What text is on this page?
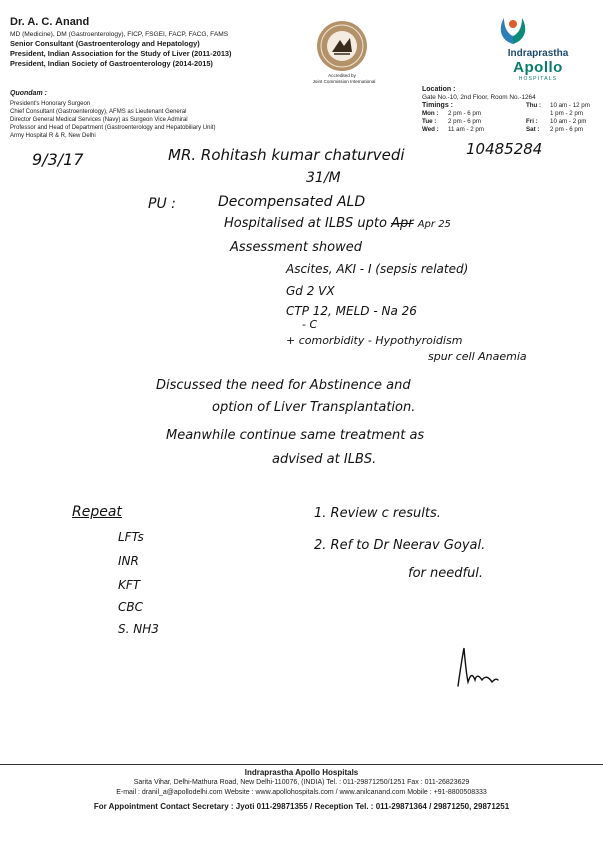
Dr. A. C. Anand
MD (Medicine), DM (Gastroenterology), FICP, FSGEI, FACP, FACG, FAMS
Senior Consultant (Gastroenterology and Hepatology)
President, Indian Association for the Study of Liver (2011-2013)
President, Indian Society of Gastroenterology (2014-2015)
Quondam :
President's Honorary Surgeon
Chief Consultant (Gastroenterology), AFMS as Lieutenant General
Director General Medical Services (Navy) as Surgeon Vice Admiral
Professor and Head of Department (Gastroenterology and Hepatobiliary Unit)
Army Hospital R & R, New Delhi
Accredited by
Joint Commission International
Indraprastha
Apollo
HOSPITALS
Location :
Gate No.-10, 2nd Floor, Room No.-1264
Timings :	Thu : 10 am - 12 pm
Mon : 2 pm - 6 pm	1 pm - 2 pm
Tue : 2 pm - 6 pm	Fri : 10 am - 2 pm
Wed : 11 am - 2 pm	Sat : 2 pm - 6 pm
9/3/17	MR. Rohitash kumar chaturvedi	10485284
31/M
PU :	Decompensated ALD
Hospitalised at ILBS upto Apr Apr 25
Assessment showed
Ascites, AKI - I (sepsis related)
Gd 2 VX
CTP 12, MELD - Na 26
- C
+ comorbidity - Hypothyroidism
spur cell Anaemia
Discussed the need for Abstinence and
option of Liver Transplantation.
Meanwhile continue same treatment as
advised at ILBS.
Repeat
LFTs
INR
KFT
CBC
S. NH3
1. Review c results.
2. Ref to Dr Neerav Goyal.
for needful.
Indraprastha Apollo Hospitals
Sarita Vihar, Delhi-Mathura Road, New Delhi-110076, (INDIA) Tel. : 011-29871250/1251 Fax : 011-26823629
E-mail : dranil_a@apollodelhi.com Website : www.apollohospitals.com / www.anilcanand.com Mobile : +91-8800508333
For Appointment Contact Secretary : Jyoti 011-29871355 / Reception Tel. : 011-29871364 / 29871250, 29871251
